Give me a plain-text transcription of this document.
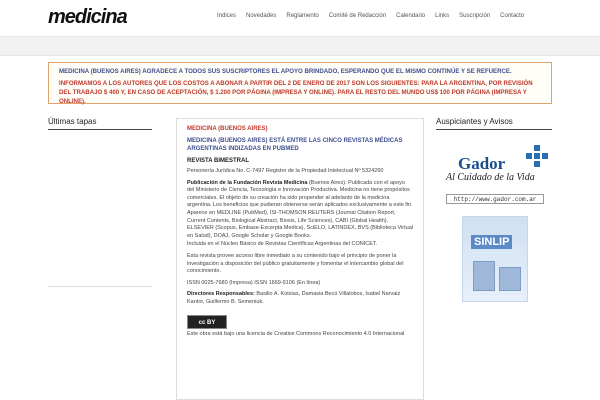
medicina	Indices	Novedades	Reglamento	Comité de Redacción	Calendario	Links	Suscripción	Contacto

MEDICINA (BUENOS AIRES) AGRADECE A TODOS SUS SUSCRIPTORES EL APOYO BRINDADO, ESPERANDO QUE EL MISMO CONTINÚE Y SE REFUERCE.

INFORMAMOS A LOS AUTORES QUE LOS COSTOS A ABONAR A PARTIR DEL 2 DE ENERO DE 2017 SON LOS SIGUIENTES: PARA LA ARGENTINA, POR REVISIÓN DEL TRABAJO $ 400 Y, EN CASO DE ACEPTACIÓN, $ 1.200 POR PÁGINA (IMPRESA Y ONLINE). PARA EL RESTO DEL MUNDO US$ 100 POR PÁGINA (IMPRESA Y ONLINE).

Últimas tapas
MEDICINA (BUENOS AIRES)
MEDICINA (BUENOS AIRES) ESTÁ ENTRE LAS CINCO REVISTAS MÉDICAS ARGENTINAS INDIZADAS EN PUBMED
REVISTA BIMESTRAL
Personería Jurídica No. C-7497 Registro de la Propiedad Intelectual Nº 5324260
Publicación de la Fundación Revista Medicina (Buenos Aires). Publicada con el apoyo del Ministerio de Ciencia, Tecnología e Innovación Productiva. Medicina no tiene propósitos comerciales. El objeto de su creación ha sido propender al adelanto de la medicina argentina. Los beneficios que pudieran obtenerse serán aplicados exclusivamente a este fin. Aparece en MEDLINE (PubMed), ISI-THOMSON REUTERS (Journal Citation Report, Current Contents, Biological Abstract, Biosis, Life Sciences), CABI (Global Health), ELSEVIER (Scopus, Embase-Excerpta Medica), SciELO, LATINDEX, BVS (Biblioteca Virtual en Salud), DOAJ, Google Scholar y Google Books.
Incluida en el Núcleo Básico de Revistas Científicas Argentinas del CONICET.
Esta revista provee acceso libre inmediato a su contenido bajo el principio de poner la investigación a disposición del público gratuitamente y fomentar el intercambio global del conocimiento.
ISSN 0025-7680 (Impresa) ISSN 1669-9106 (En línea)
Directores Responsables: Basilio A. Kotsias, Damasia Becú Villalobos, Isabel Narvaiz Kantor, Guillermo B. Semeniuk.
cc BY
Este obra está bajo una licencia de Creative Commons Reconocimiento 4.0 Internacional
Auspiciantes y Avisos
Gador
Al Cuidado de la Vida
http://www.gador.com.ar
SINLIP
